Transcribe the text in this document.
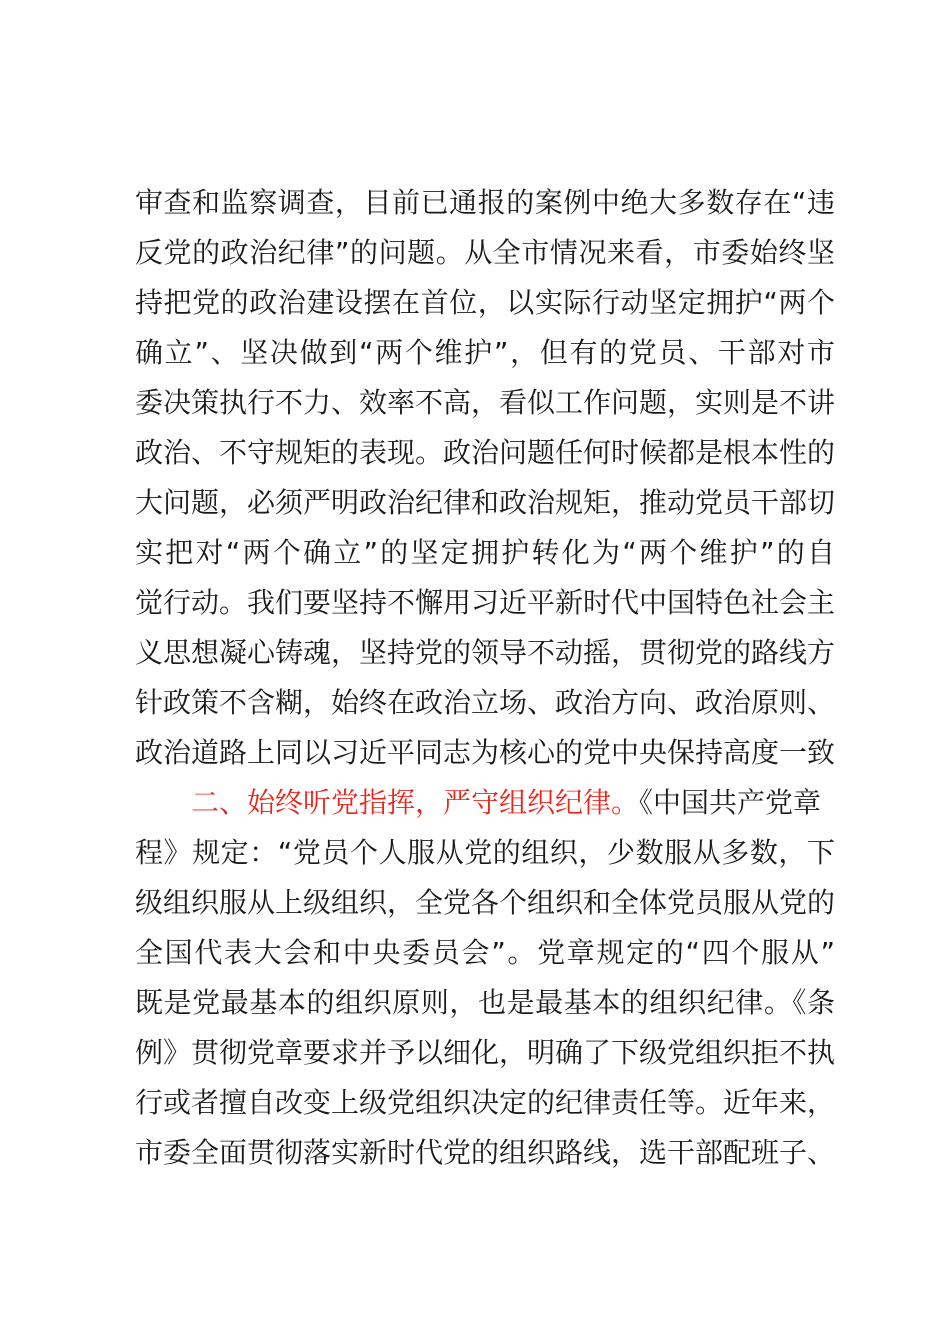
审查和监察调查，目前已通报的案例中绝大多数存在“违
反党的政治纪律”的问题。从全市情况来看，市委始终坚
持把党的政治建设摆在首位，以实际行动坚定拥护“两个
确立”、坚决做到“两个维护”，但有的党员、干部对市
委决策执行不力、效率不高，看似工作问题，实则是不讲
政治、不守规矩的表现。政治问题任何时候都是根本性的
大问题，必须严明政治纪律和政治规矩，推动党员干部切
实把对“两个确立”的坚定拥护转化为“两个维护”的自
觉行动。我们要坚持不懈用习近平新时代中国特色社会主
义思想凝心铸魂，坚持党的领导不动摇，贯彻党的路线方
针政策不含糊，始终在政治立场、政治方向、政治原则、
政治道路上同以习近平同志为核心的党中央保持高度一致
二、始终听党指挥，严守组织纪律。《中国共产党章
程》规定：“党员个人服从党的组织，少数服从多数，下
级组织服从上级组织，全党各个组织和全体党员服从党的
全国代表大会和中央委员会”。党章规定的“四个服从”
既是党最基本的组织原则，也是最基本的组织纪律。《条
例》贯彻党章要求并予以细化，明确了下级党组织拒不执
行或者擅自改变上级党组织决定的纪律责任等。近年来，
市委全面贯彻落实新时代党的组织路线，选干部配班子、
